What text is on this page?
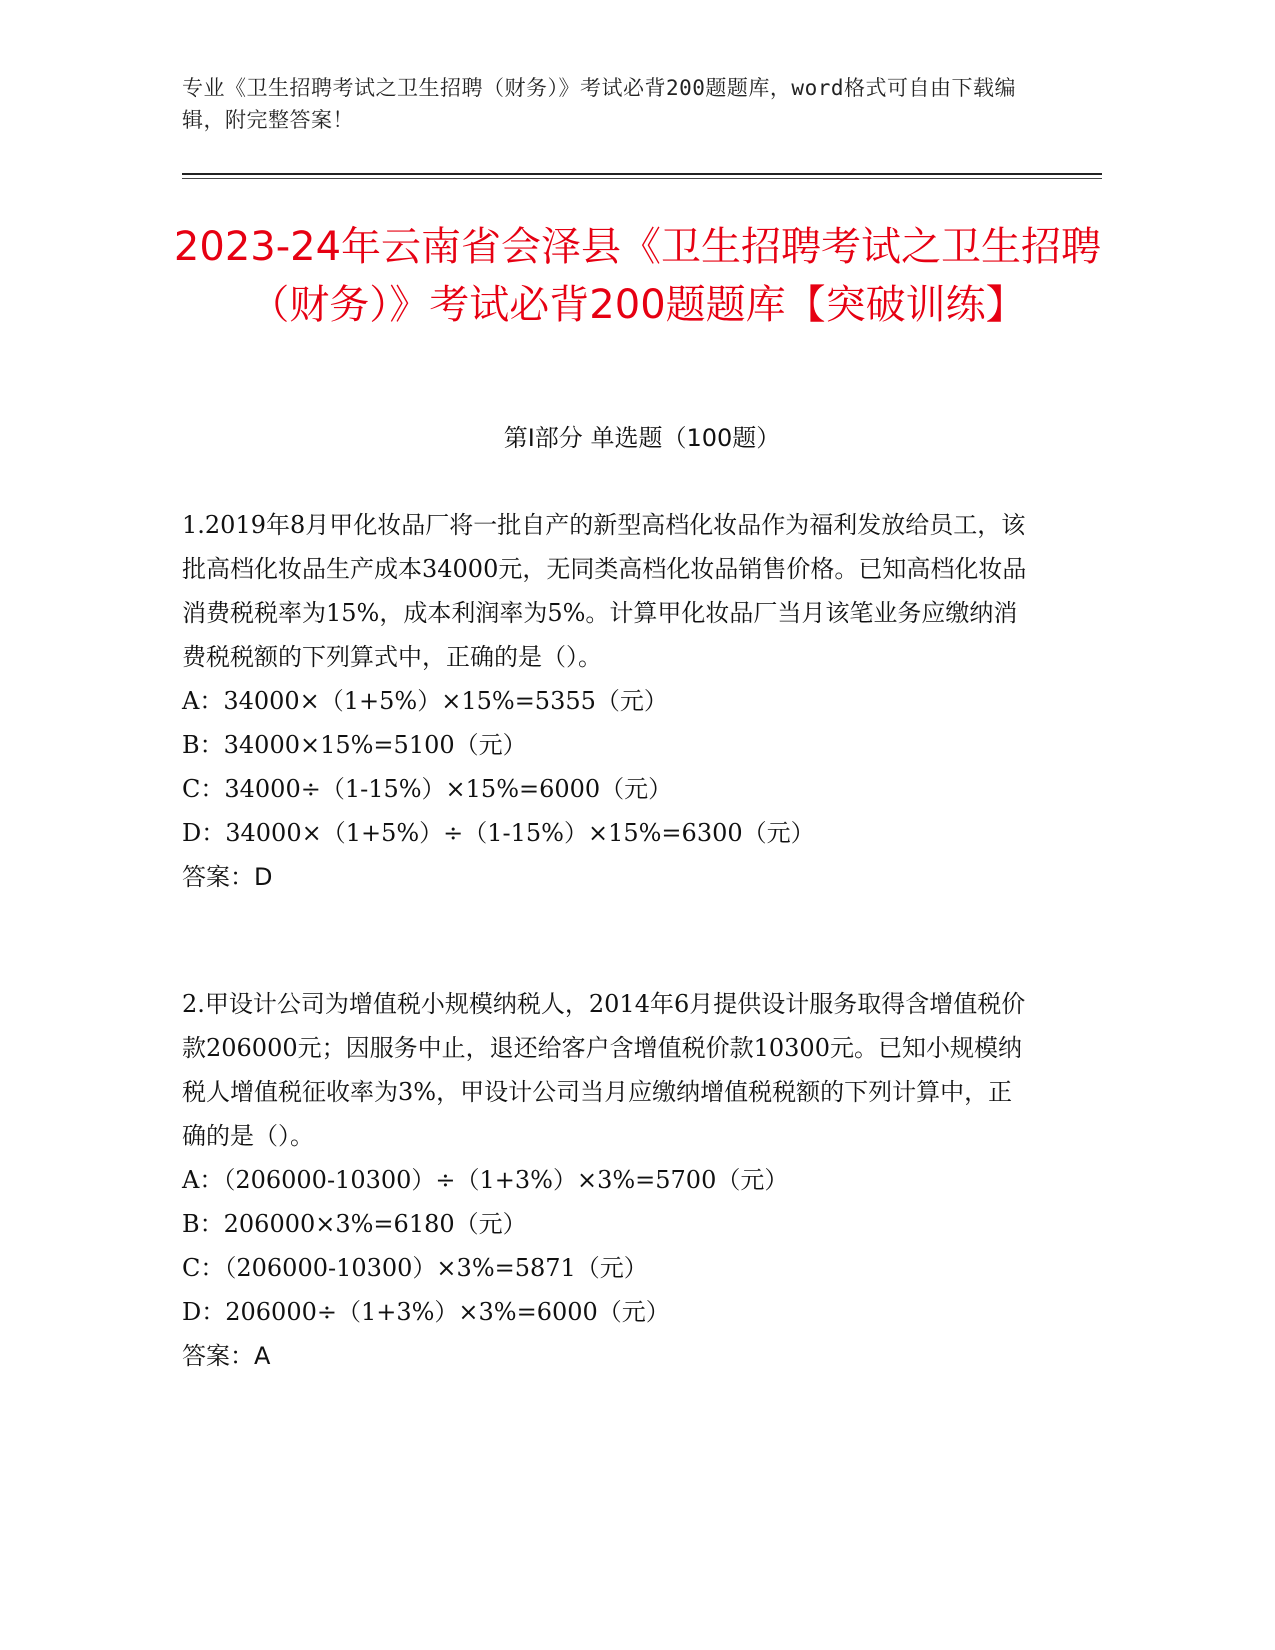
专业《卫生招聘考试之卫生招聘（财务）》考试必背200题题库，word格式可自由下载编辑，附完整答案！
2023-24年云南省会泽县《卫生招聘考试之卫生招聘（财务）》考试必背200题题库【突破训练】
第I部分 单选题（100题）

1.2019年8月甲化妆品厂将一批自产的新型高档化妆品作为福利发放给员工，该批高档化妆品生产成本34000元，无同类高档化妆品销售价格。已知高档化妆品消费税税率为15%，成本利润率为5%。计算甲化妆品厂当月该笔业务应缴纳消费税税额的下列算式中，正确的是（）。

A：34000×（1+5%）×15%=5355（元）

B：34000×15%=5100（元）

C：34000÷（1-15%）×15%=6000（元）

D：34000×（1+5%）÷（1-15%）×15%=6300（元）

答案：D

2.甲设计公司为增值税小规模纳税人，2014年6月提供设计服务取得含增值税价款206000元；因服务中止，退还给客户含增值税价款10300元。已知小规模纳税人增值税征收率为3%，甲设计公司当月应缴纳增值税税额的下列计算中，正确的是（）。

A：（206000-10300）÷（1+3%）×3%=5700（元）

B：206000×3%=6180（元）

C：（206000-10300）×3%=5871（元）

D：206000÷（1+3%）×3%=6000（元）

答案：A
